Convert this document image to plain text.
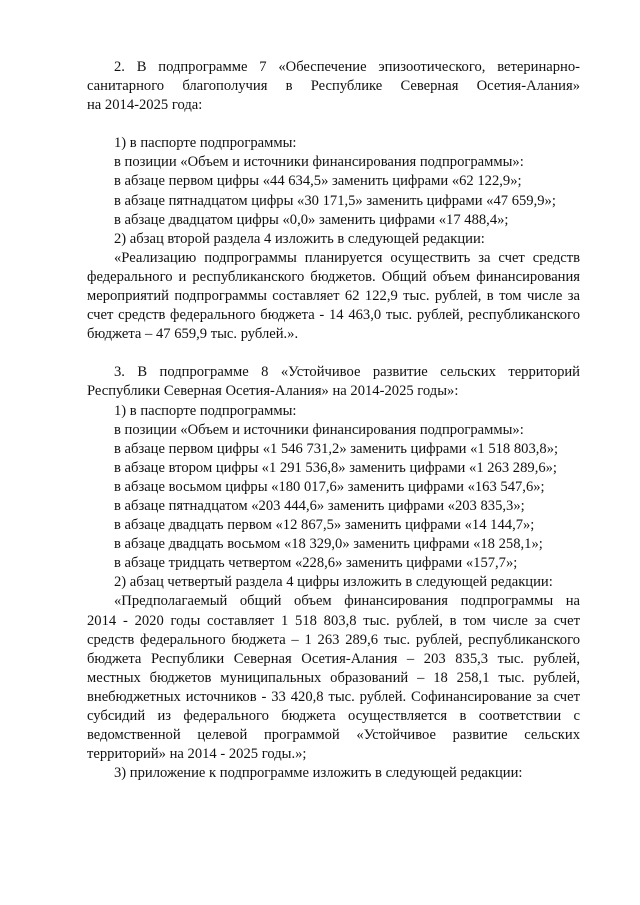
2. В подпрограмме 7 «Обеспечение эпизоотического, ветеринарно-

санитарного благополучия в Республике Северная Осетия-Алания»

на 2014-2025 года:

1) в паспорте подпрограммы:

в позиции «Объем и источники финансирования подпрограммы»:

в абзаце первом цифры «44 634,5» заменить цифрами «62 122,9»;

в абзаце пятнадцатом цифры «30 171,5» заменить цифрами «47 659,9»;

в абзаце двадцатом цифры «0,0» заменить цифрами «17 488,4»;

2) абзац второй раздела 4 изложить в следующей редакции:

«Реализацию подпрограммы планируется осуществить за счет средств

федерального и республиканского бюджетов. Общий объем финансирования

мероприятий подпрограммы составляет 62 122,9 тыс. рублей, в том числе за

счет средств федерального бюджета - 14 463,0 тыс. рублей, республиканского

бюджета – 47 659,9 тыс. рублей.».

3. В подпрограмме 8 «Устойчивое развитие сельских территорий

Республики Северная Осетия-Алания» на 2014-2025 годы»:

1) в паспорте подпрограммы:

в позиции «Объем и источники финансирования подпрограммы»:

в абзаце первом цифры «1 546 731,2» заменить цифрами «1 518 803,8»;

в абзаце втором цифры «1 291 536,8» заменить цифрами «1 263 289,6»;

в абзаце восьмом цифры «180 017,6» заменить цифрами «163 547,6»;

в абзаце пятнадцатом «203 444,6» заменить цифрами «203 835,3»;

в абзаце двадцать первом «12 867,5» заменить цифрами «14 144,7»;

в абзаце двадцать восьмом «18 329,0» заменить цифрами «18 258,1»;

в абзаце тридцать четвертом «228,6» заменить цифрами «157,7»;

2) абзац четвертый раздела 4 цифры изложить в следующей редакции:

«Предполагаемый общий объем финансирования подпрограммы на

2014 - 2020 годы составляет 1 518 803,8 тыс. рублей, в том числе за счет

средств федерального бюджета – 1 263 289,6 тыс. рублей, республиканского

бюджета Республики Северная Осетия-Алания – 203 835,3 тыс. рублей,

местных бюджетов муниципальных образований – 18 258,1 тыс. рублей,

внебюджетных источников - 33 420,8 тыс. рублей. Софинансирование за счет

субсидий из федерального бюджета осуществляется в соответствии с

ведомственной целевой программой «Устойчивое развитие сельских

территорий» на 2014 - 2025 годы.»;

3) приложение к подпрограмме изложить в следующей редакции:
